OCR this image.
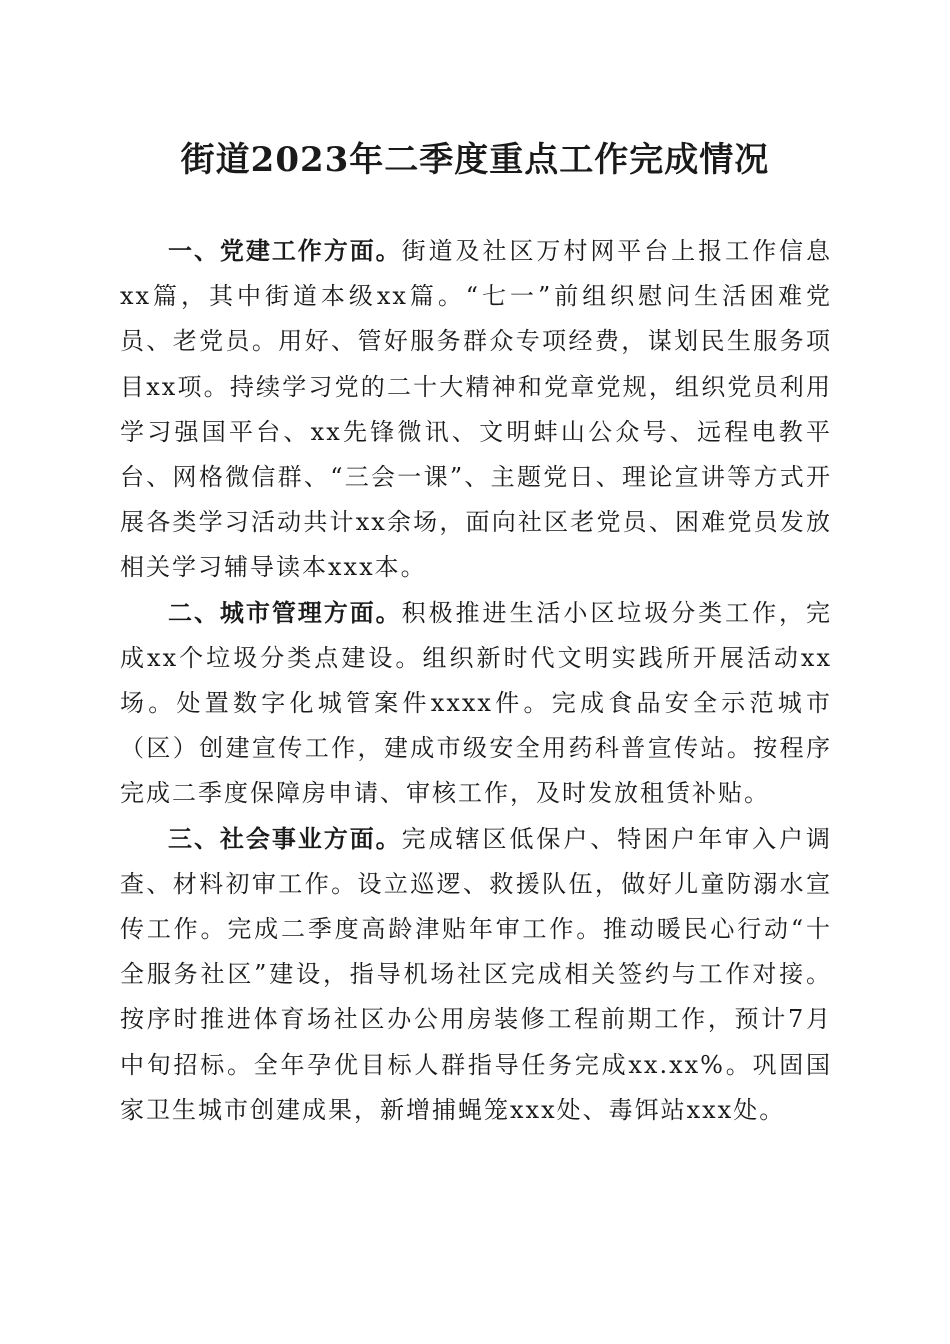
街道2023年二季度重点工作完成情况

一、党建工作方面。街道及社区万村网平台上报工作信息xx篇，其中街道本级xx篇。“七一”前组织慰问生活困难党员、老党员。用好、管好服务群众专项经费，谋划民生服务项目xx项。持续学习党的二十大精神和党章党规，组织党员利用学习强国平台、xx先锋微讯、文明蚌山公众号、远程电教平台、网格微信群、“三会一课”、主题党日、理论宣讲等方式开展各类学习活动共计xx余场，面向社区老党员、困难党员发放相关学习辅导读本xxx本。

二、城市管理方面。积极推进生活小区垃圾分类工作，完成xx个垃圾分类点建设。组织新时代文明实践所开展活动xx场。处置数字化城管案件xxxx件。完成食品安全示范城市（区）创建宣传工作，建成市级安全用药科普宣传站。按程序完成二季度保障房申请、审核工作，及时发放租赁补贴。

三、社会事业方面。完成辖区低保户、特困户年审入户调查、材料初审工作。设立巡逻、救援队伍，做好儿童防溺水宣传工作。完成二季度高龄津贴年审工作。推动暖民心行动“十全服务社区”建设，指导机场社区完成相关签约与工作对接。按序时推进体育场社区办公用房装修工程前期工作，预计7月中旬招标。全年孕优目标人群指导任务完成xx.xx%。巩固国家卫生城市创建成果，新增捕蝇笼xxx处、毒饵站xxx处。
